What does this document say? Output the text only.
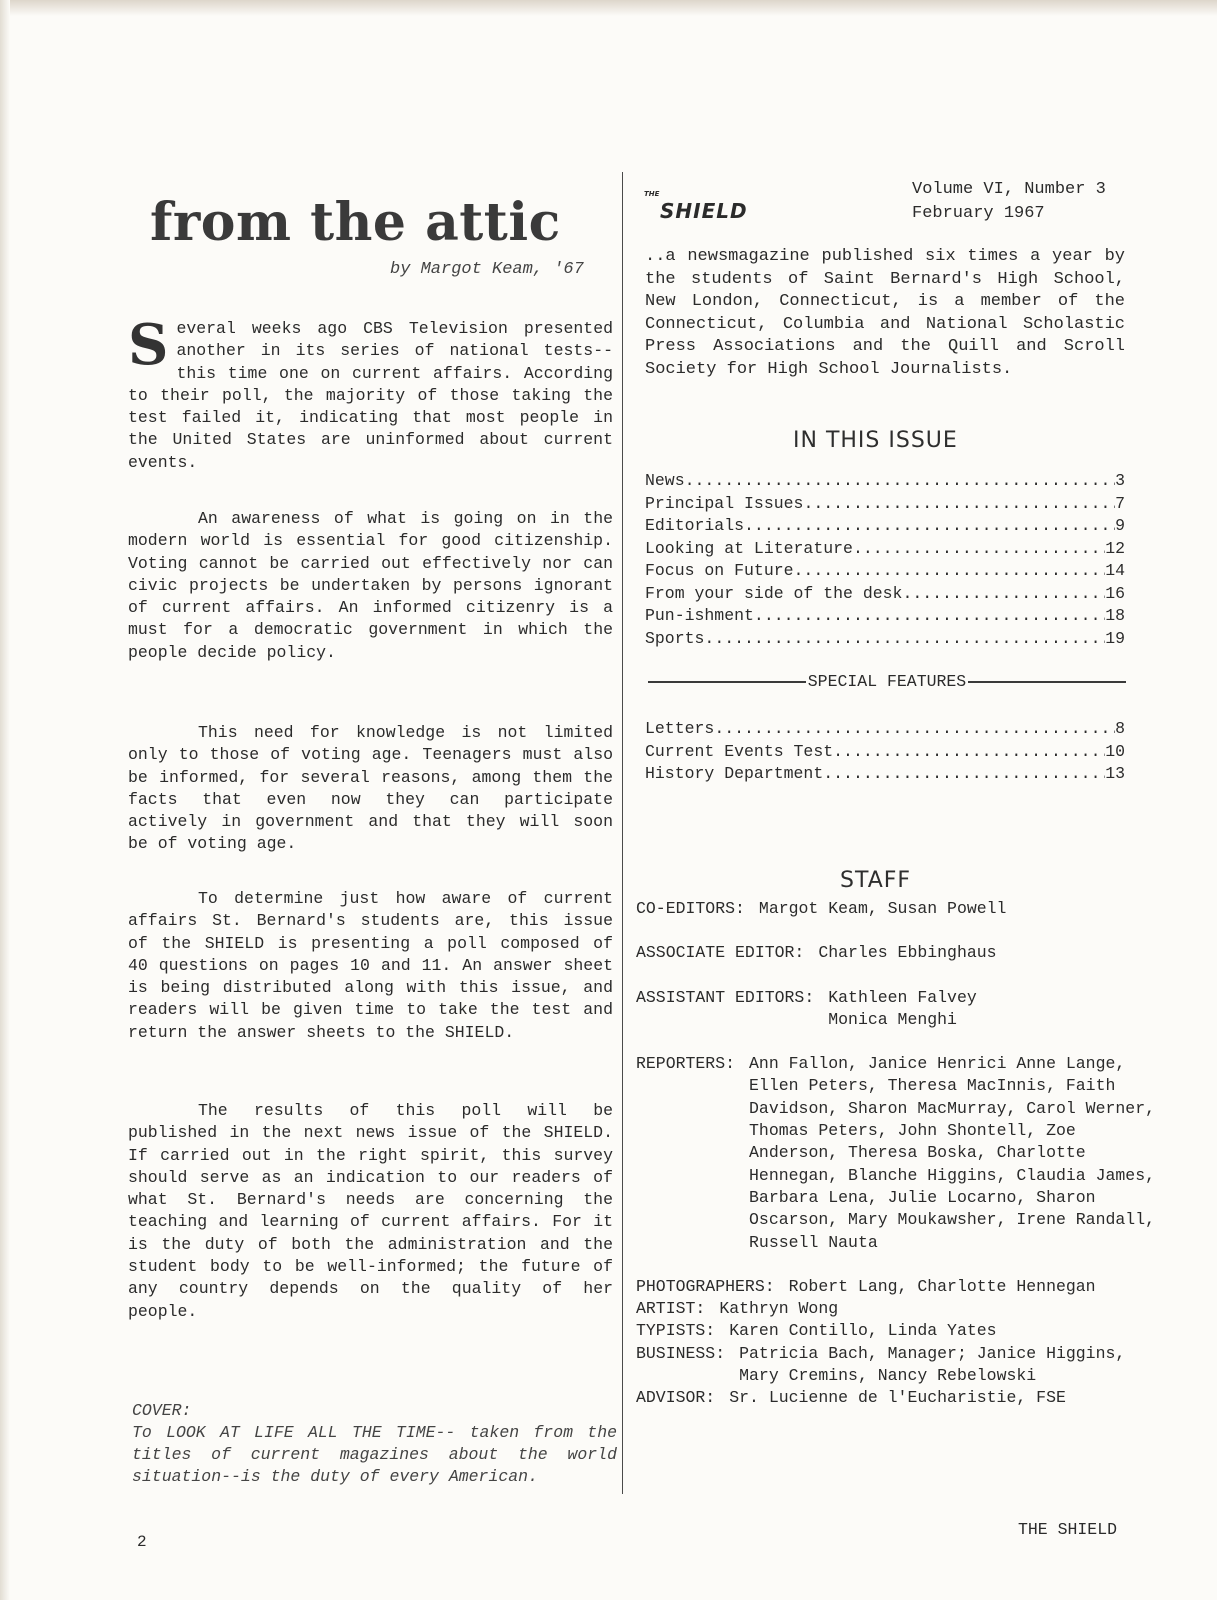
from the attic
by Margot Keam, '67

Several weeks ago CBS Television presented another in its series of national tests--this time one on current affairs. According to their poll, the majority of those taking the test failed it, indicating that most people in the United States are uninformed about current events.

An awareness of what is going on in the modern world is essential for good citizenship. Voting cannot be carried out effectively nor can civic projects be undertaken by persons ignorant of current affairs. An informed citizenry is a must for a democratic government in which the people decide policy.

This need for knowledge is not limited only to those of voting age. Teenagers must also be informed, for several reasons, among them the facts that even now they can participate actively in government and that they will soon be of voting age.

To determine just how aware of current affairs St. Bernard's students are, this issue of the SHIELD is presenting a poll composed of 40 questions on pages 10 and 11. An answer sheet is being distributed along with this issue, and readers will be given time to take the test and return the answer sheets to the SHIELD.

The results of this poll will be published in the next news issue of the SHIELD. If carried out in the right spirit, this survey should serve as an indication to our readers of what St. Bernard's needs are concerning the teaching and learning of current affairs. For it is the duty of both the administration and the student body to be well-informed; the future of any country depends on the quality of her people.

COVER:
To LOOK AT LIFE ALL THE TIME-- taken from the titles of current magazines about the world situation--is the duty of every American.

2
THE
SHIELD
Volume VI, Number 3
February 1967

..a newsmagazine published six times a year by the students of Saint Bernard's High School, New London, Connecticut, is a member of the Connecticut, Columbia and National Scholastic Press Associations and the Quill and Scroll Society for High School Journalists.

IN THIS ISSUE
News .....	3
Principal Issues .....	7
Editorials .....	9
Looking at Literature .....	12
Focus on Future .....	14
From your side of the desk .....	16
Pun-ishment .....	18
Sports .....	19
SPECIAL FEATURES
Letters .....	8
Current Events Test .....	10
History Department .....	13
STAFF
CO-EDITORS: Margot Keam, Susan Powell
ASSOCIATE EDITOR: Charles Ebbinghaus
ASSISTANT EDITORS: Kathleen Falvey Monica Menghi
REPORTERS: Ann Fallon, Janice Henrici Anne Lange, Ellen Peters, Theresa MacInnis, Faith Davidson, Sharon MacMurray, Carol Werner, Thomas Peters, John Shontell, Zoe Anderson, Theresa Boska, Charlotte Hennegan, Blanche Higgins, Claudia James, Barbara Lena, Julie Locarno, Sharon Oscarson, Mary Moukawsher, Irene Randall, Russell Nauta
PHOTOGRAPHERS: Robert Lang, Charlotte Hennegan
ARTIST: Kathryn Wong
TYPISTS: Karen Contillo, Linda Yates
BUSINESS: Patricia Bach, Manager; Janice Higgins, Mary Cremins, Nancy Rebelowski
ADVISOR: Sr. Lucienne de l'Eucharistie, FSE
THE SHIELD
